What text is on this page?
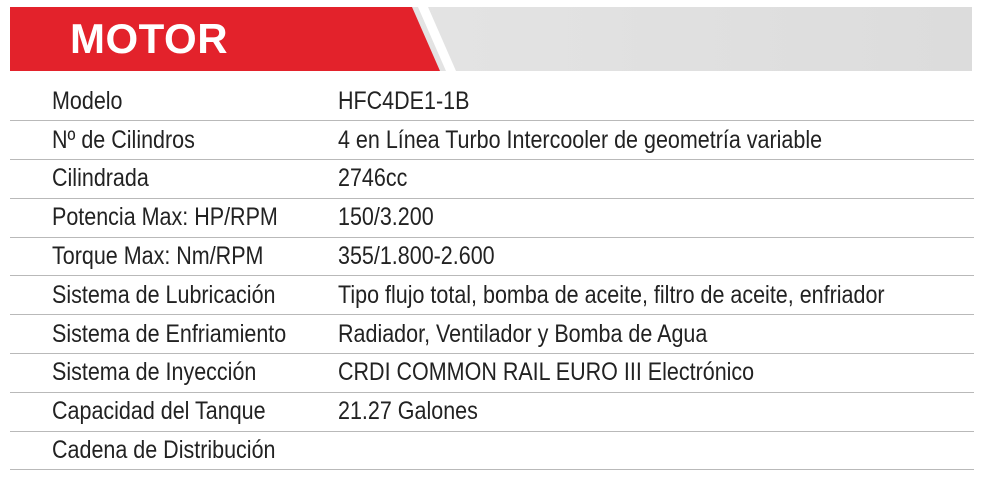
MOTOR
Modelo	HFC4DE1-1B
Nº de Cilindros	4 en Línea Turbo Intercooler de geometría variable
Cilindrada	2746cc
Potencia Max: HP/RPM	150/3.200
Torque Max: Nm/RPM	355/1.800-2.600
Sistema de Lubricación	Tipo flujo total, bomba de aceite, filtro de aceite, enfriador
Sistema de Enfriamiento	Radiador, Ventilador y Bomba de Agua
Sistema de Inyección	CRDI COMMON RAIL EURO III Electrónico
Capacidad del Tanque	21.27 Galones
Cadena de Distribución	
